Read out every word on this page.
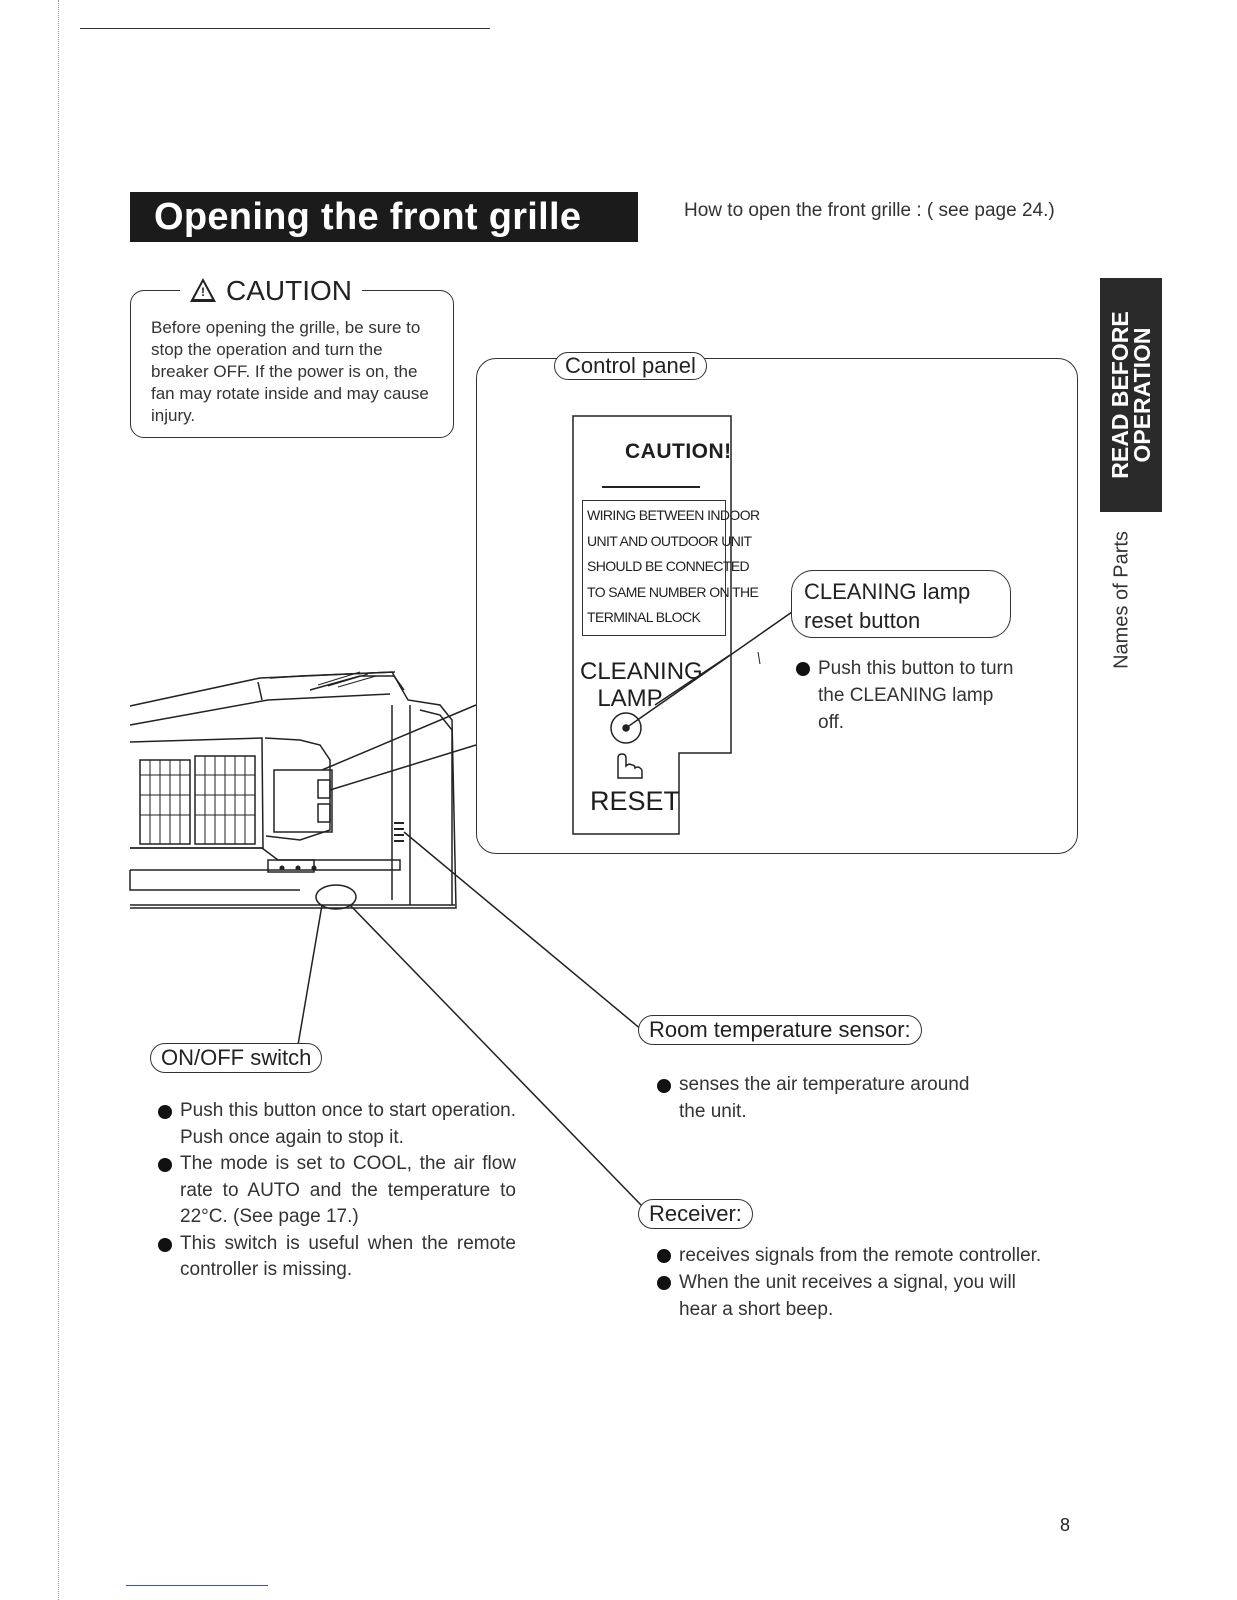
Opening the front grille	How to open the front grille : ( see page 24.)
! CAUTION
Before opening the grille, be sure to stop the operation and turn the breaker OFF. If the power is on, the fan may rotate inside and may cause injury.
Control panel
CAUTION!
WIRING BETWEEN INDOOR
UNIT AND OUTDOOR UNIT
SHOULD BE CONNECTED
TO SAME NUMBER ON THE
TERMINAL BLOCK
CLEANING
LAMP
RESET
CLEANING lamp
reset button
Push this button to turn the CLEANING lamp off.
ON/OFF switch
Push this button once to start operation. Push once again to stop it.
The mode is set to COOL, the air flow rate to AUTO and the temperature to 22°C. (See page 17.)
This switch is useful when the remote controller is missing.
Room temperature sensor:
senses the air temperature around the unit.
Receiver:
receives signals from the remote controller.
When the unit receives a signal, you will hear a short beep.
READ BEFORE
OPERATION
Names of Parts
8
